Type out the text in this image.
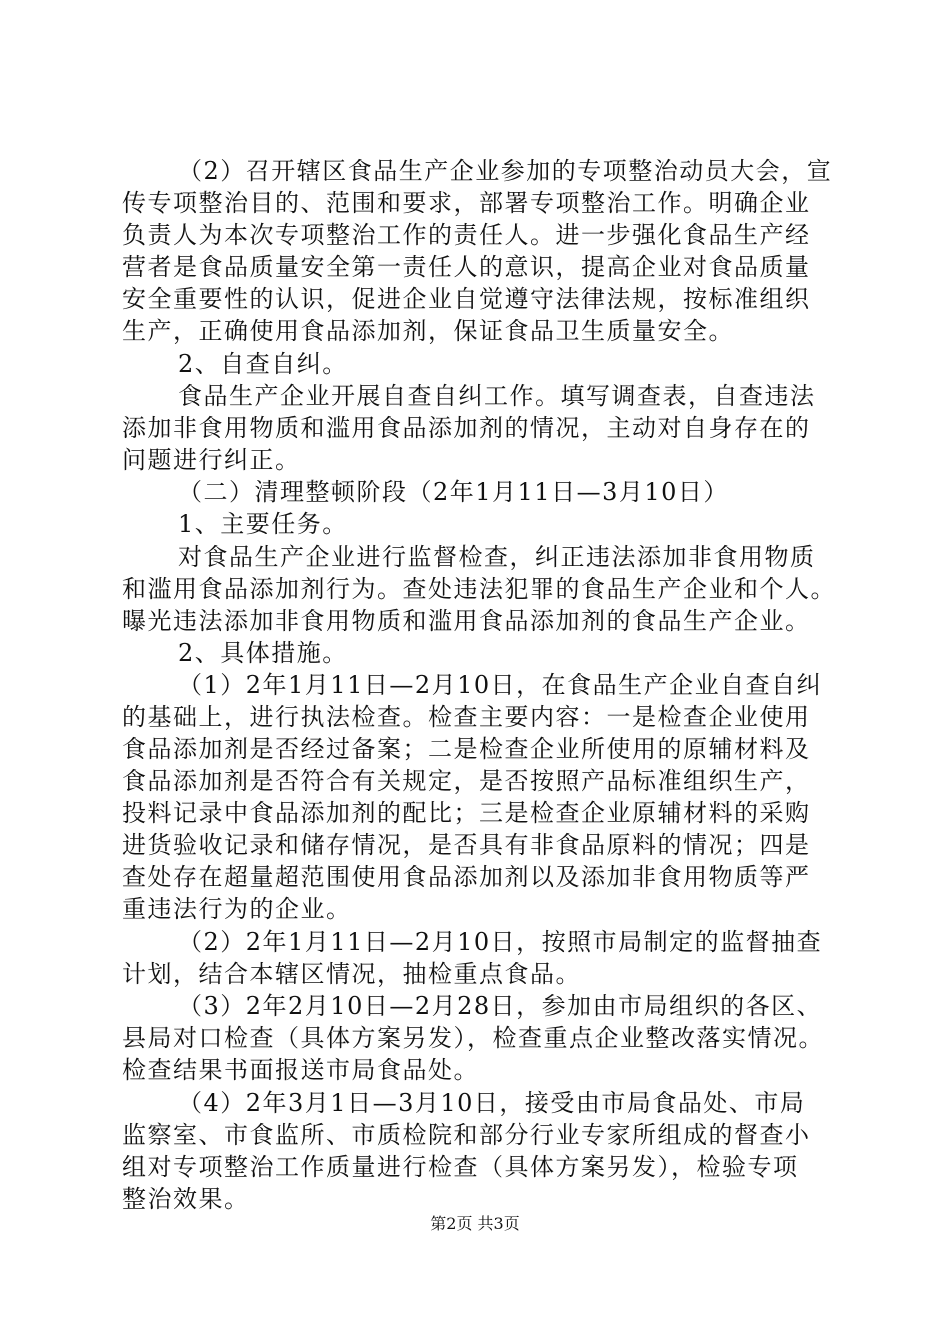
（2）召开辖区食品生产企业参加的专项整治动员大会，宣
传专项整治目的、范围和要求，部署专项整治工作。明确企业
负责人为本次专项整治工作的责任人。进一步强化食品生产经
营者是食品质量安全第一责任人的意识，提高企业对食品质量
安全重要性的认识，促进企业自觉遵守法律法规，按标准组织
生产，正确使用食品添加剂，保证食品卫生质量安全。
2、自查自纠。
食品生产企业开展自查自纠工作。填写调查表，自查违法
添加非食用物质和滥用食品添加剂的情况，主动对自身存在的
问题进行纠正。
（二）清理整顿阶段（2年1月11日—3月10日）
1、主要任务。
对食品生产企业进行监督检查，纠正违法添加非食用物质
和滥用食品添加剂行为。查处违法犯罪的食品生产企业和个人。
曝光违法添加非食用物质和滥用食品添加剂的食品生产企业。
2、具体措施。
（1）2年1月11日—2月10日，在食品生产企业自查自纠
的基础上，进行执法检查。检查主要内容：一是检查企业使用
食品添加剂是否经过备案；二是检查企业所使用的原辅材料及
食品添加剂是否符合有关规定，是否按照产品标准组织生产，
投料记录中食品添加剂的配比；三是检查企业原辅材料的采购
进货验收记录和储存情况，是否具有非食品原料的情况；四是
查处存在超量超范围使用食品添加剂以及添加非食用物质等严
重违法行为的企业。
（2）2年1月11日—2月10日，按照市局制定的监督抽查
计划，结合本辖区情况，抽检重点食品。
（3）2年2月10日—2月28日，参加由市局组织的各区、
县局对口检查（具体方案另发），检查重点企业整改落实情况。
检查结果书面报送市局食品处。
（4）2年3月1日—3月10日，接受由市局食品处、市局
监察室、市食监所、市质检院和部分行业专家所组成的督查小
组对专项整治工作质量进行检查（具体方案另发），检验专项
整治效果。
第2页 共3页
